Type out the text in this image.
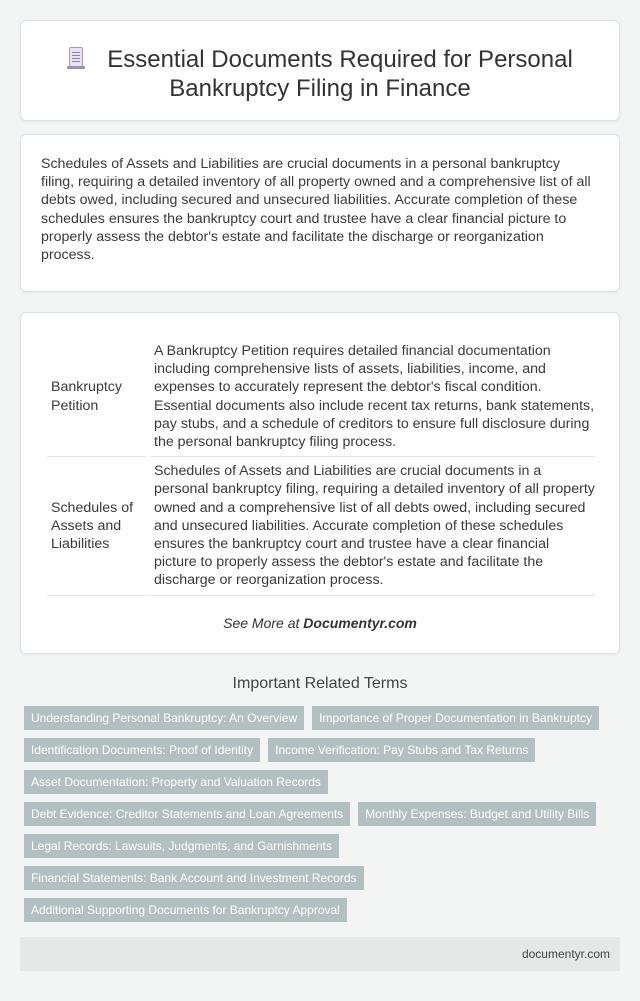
Essential Documents Required for Personal
Bankruptcy Filing in Finance

Schedules of Assets and Liabilities are crucial documents in a personal bankruptcy filing, requiring a detailed inventory of all property owned and a comprehensive list of all debts owed, including secured and unsecured liabilities. Accurate completion of these schedules ensures the bankruptcy court and trustee have a clear financial picture to properly assess the debtor's estate and facilitate the discharge or reorganization process.

Bankruptcy Petition	A Bankruptcy Petition requires detailed financial documentation including comprehensive lists of assets, liabilities, income, and expenses to accurately represent the debtor's fiscal condition. Essential documents also include recent tax returns, bank statements, pay stubs, and a schedule of creditors to ensure full disclosure during the personal bankruptcy filing process.
Schedules of Assets and Liabilities	Schedules of Assets and Liabilities are crucial documents in a personal bankruptcy filing, requiring a detailed inventory of all property owned and a comprehensive list of all debts owed, including secured and unsecured liabilities. Accurate completion of these schedules ensures the bankruptcy court and trustee have a clear financial picture to properly assess the debtor's estate and facilitate the discharge or reorganization process.
See More at Documentyr.com
Important Related Terms
Understanding Personal Bankruptcy: An Overview	Importance of Proper Documentation in Bankruptcy
Identification Documents: Proof of Identity	Income Verification: Pay Stubs and Tax Returns
Asset Documentation: Property and Valuation Records
Debt Evidence: Creditor Statements and Loan Agreements	Monthly Expenses: Budget and Utility Bills
Legal Records: Lawsuits, Judgments, and Garnishments
Financial Statements: Bank Account and Investment Records
Additional Supporting Documents for Bankruptcy Approval
documentyr.com
